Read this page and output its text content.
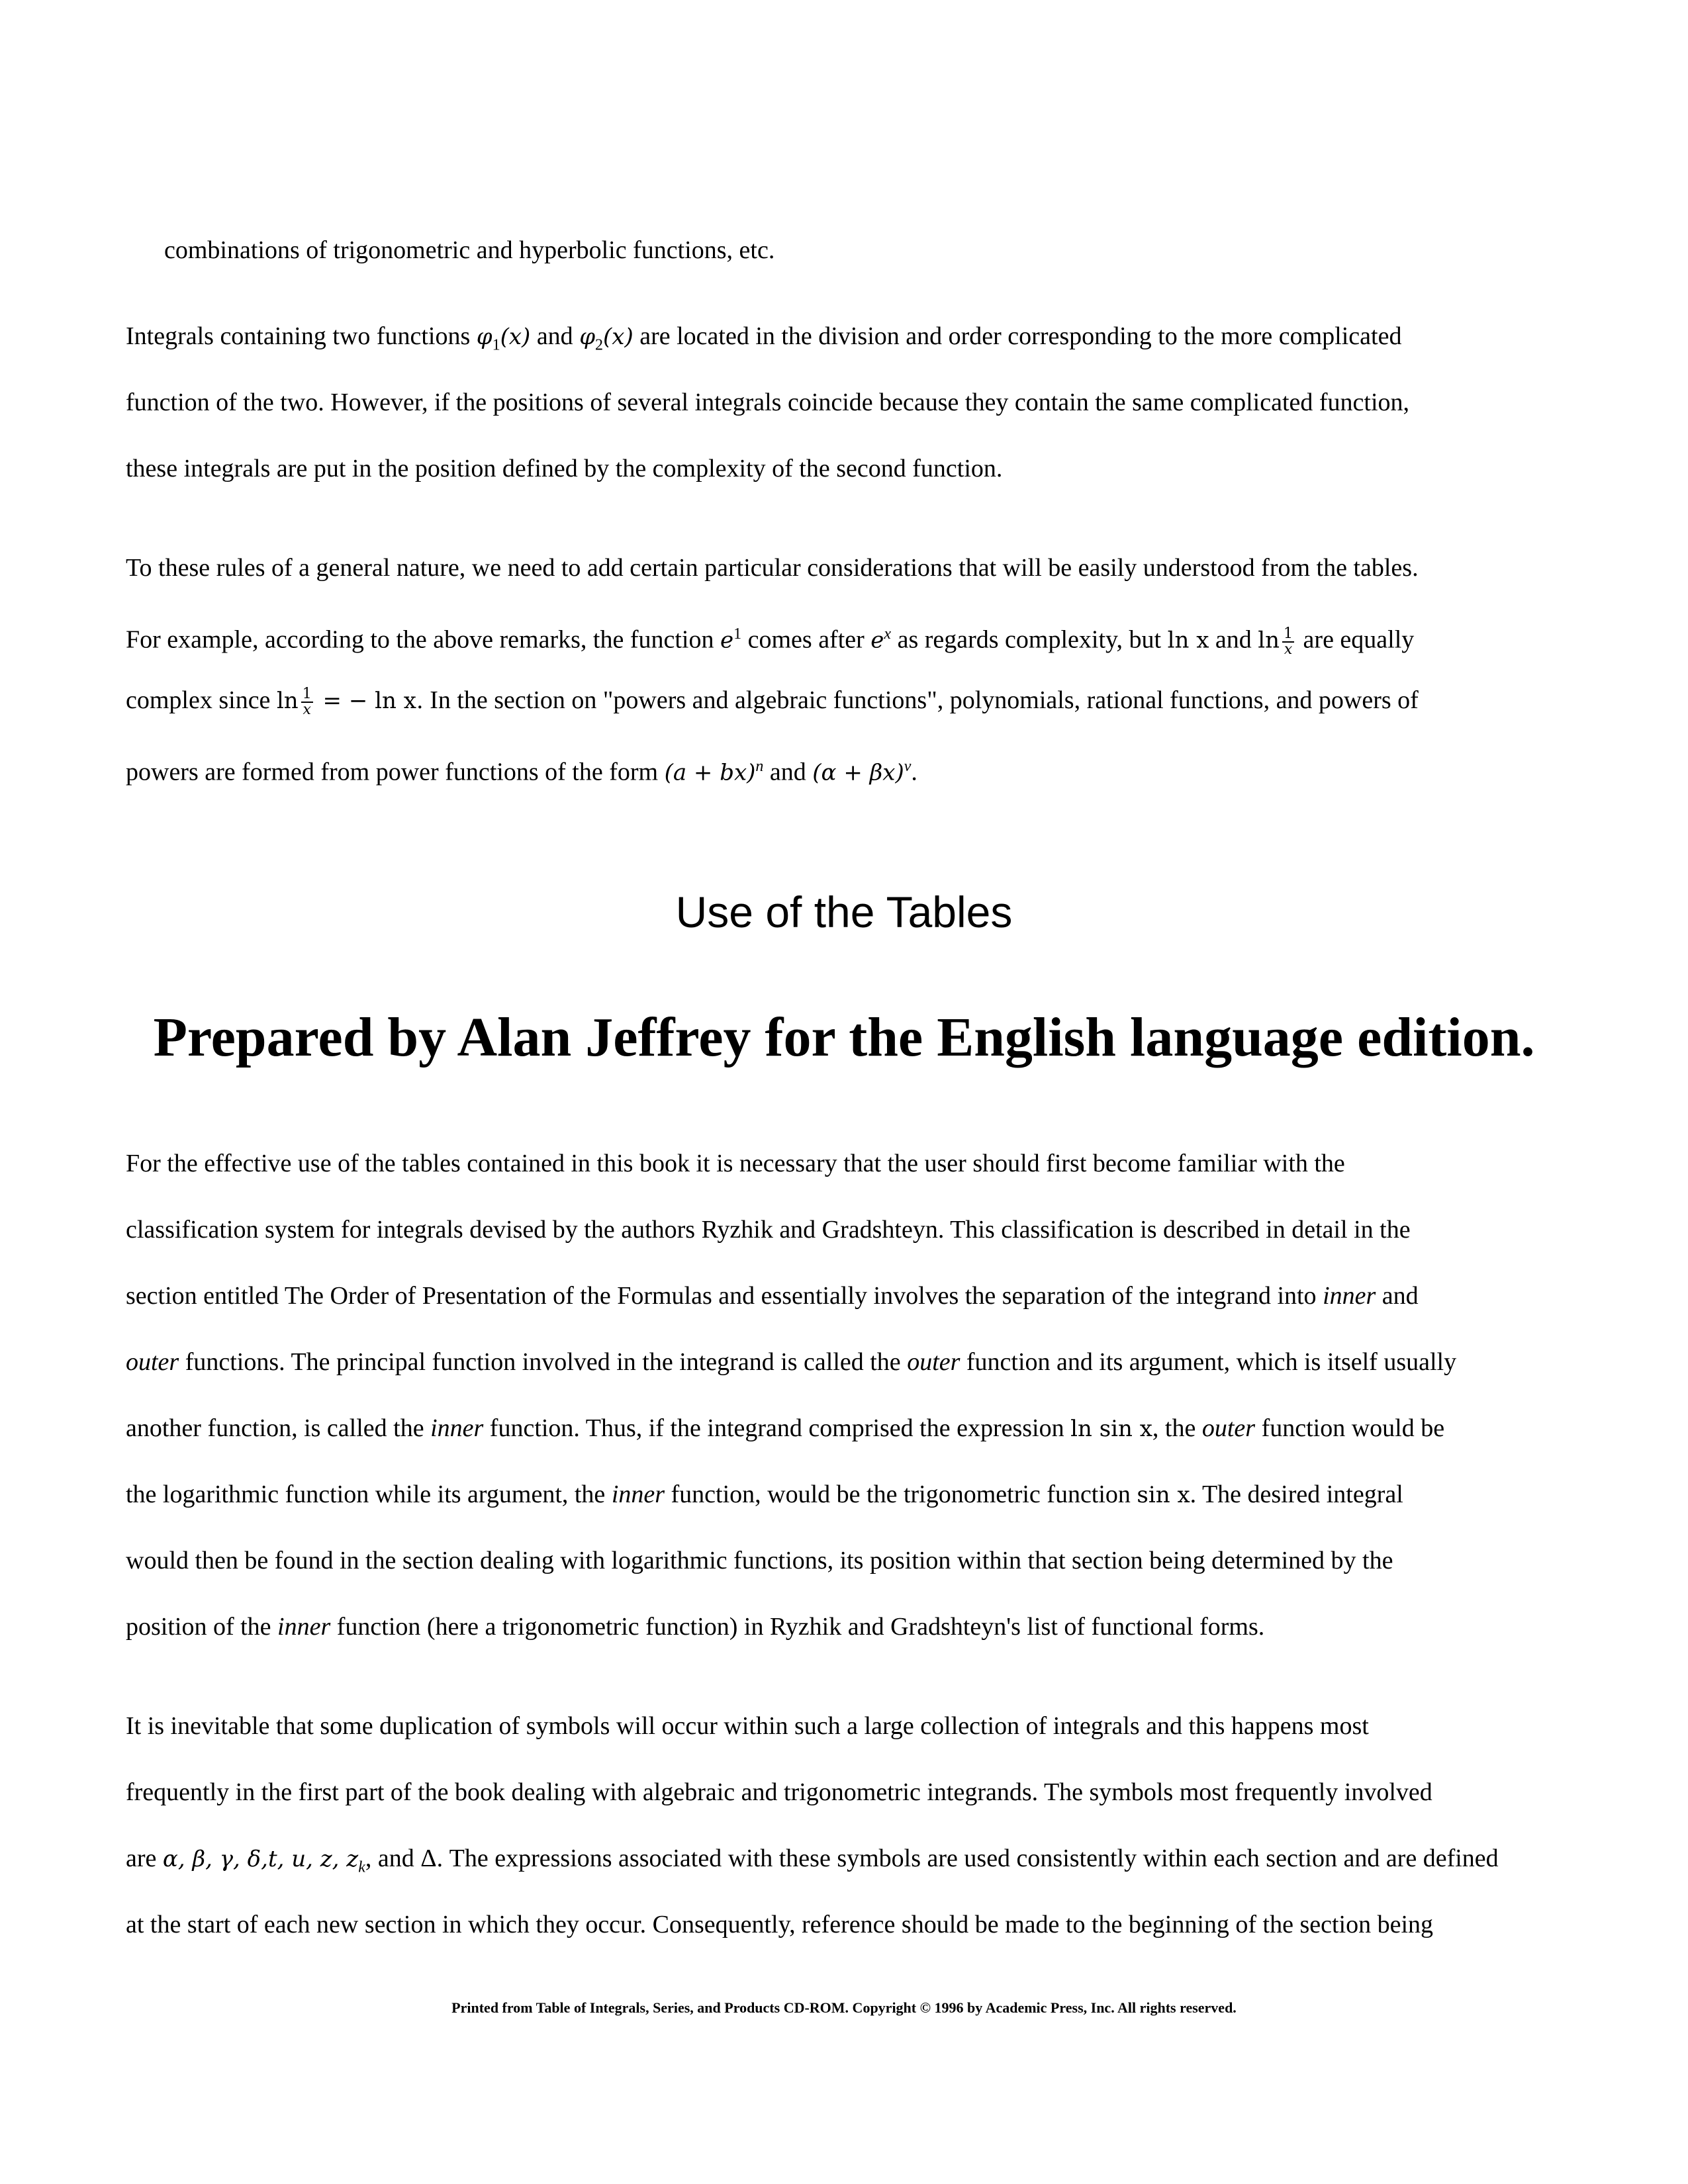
combinations of trigonometric and hyperbolic functions, etc.
Integrals containing two functions $\varphi_1(x)$ and $\varphi_2(x)$ are located in the division and order corresponding to the more complicated
function of the two. However, if the positions of several integrals coincide because they contain the same complicated function,
these integrals are put in the position defined by the complexity of the second function.
To these rules of a general nature, we need to add certain particular considerations that will be easily understood from the tables.
For example, according to the above remarks, the function $e^1$ comes after $e^x$ as regards complexity, but ln x and $\ln \frac{1}{x}$ are equally
complex since $\ln \frac{1}{x}$ = − ln x. In the section on "powers and algebraic functions", polynomials, rational functions, and powers of
powers are formed from power functions of the form (a + bx)$^n$ and $(\alpha + \beta x)^\nu$.
Use of the Tables
Prepared by Alan Jeffrey for the English language edition.
For the effective use of the tables contained in this book it is necessary that the user should first become familiar with the
classification system for integrals devised by the authors Ryzhik and Gradshteyn. This classification is described in detail in the
section entitled The Order of Presentation of the Formulas and essentially involves the separation of the integrand into inner and
outer functions. The principal function involved in the integrand is called the outer function and its argument, which is itself usually
another function, is called the inner function. Thus, if the integrand comprised the expression ln sin x, the outer function would be
the logarithmic function while its argument, the inner function, would be the trigonometric function sin x. The desired integral
would then be found in the section dealing with logarithmic functions, its position within that section being determined by the
position of the inner function (here a trigonometric function) in Ryzhik and Gradshteyn's list of functional forms.
It is inevitable that some duplication of symbols will occur within such a large collection of integrals and this happens most
frequently in the first part of the book dealing with algebraic and trigonometric integrands. The symbols most frequently involved
are α, β, γ, δ,t, u, z, $z_k$, and Δ. The expressions associated with these symbols are used consistently within each section and are defined
at the start of each new section in which they occur. Consequently, reference should be made to the beginning of the section being
Printed from Table of Integrals, Series, and Products CD-ROM. Copyright © 1996 by Academic Press, Inc. All rights reserved.
